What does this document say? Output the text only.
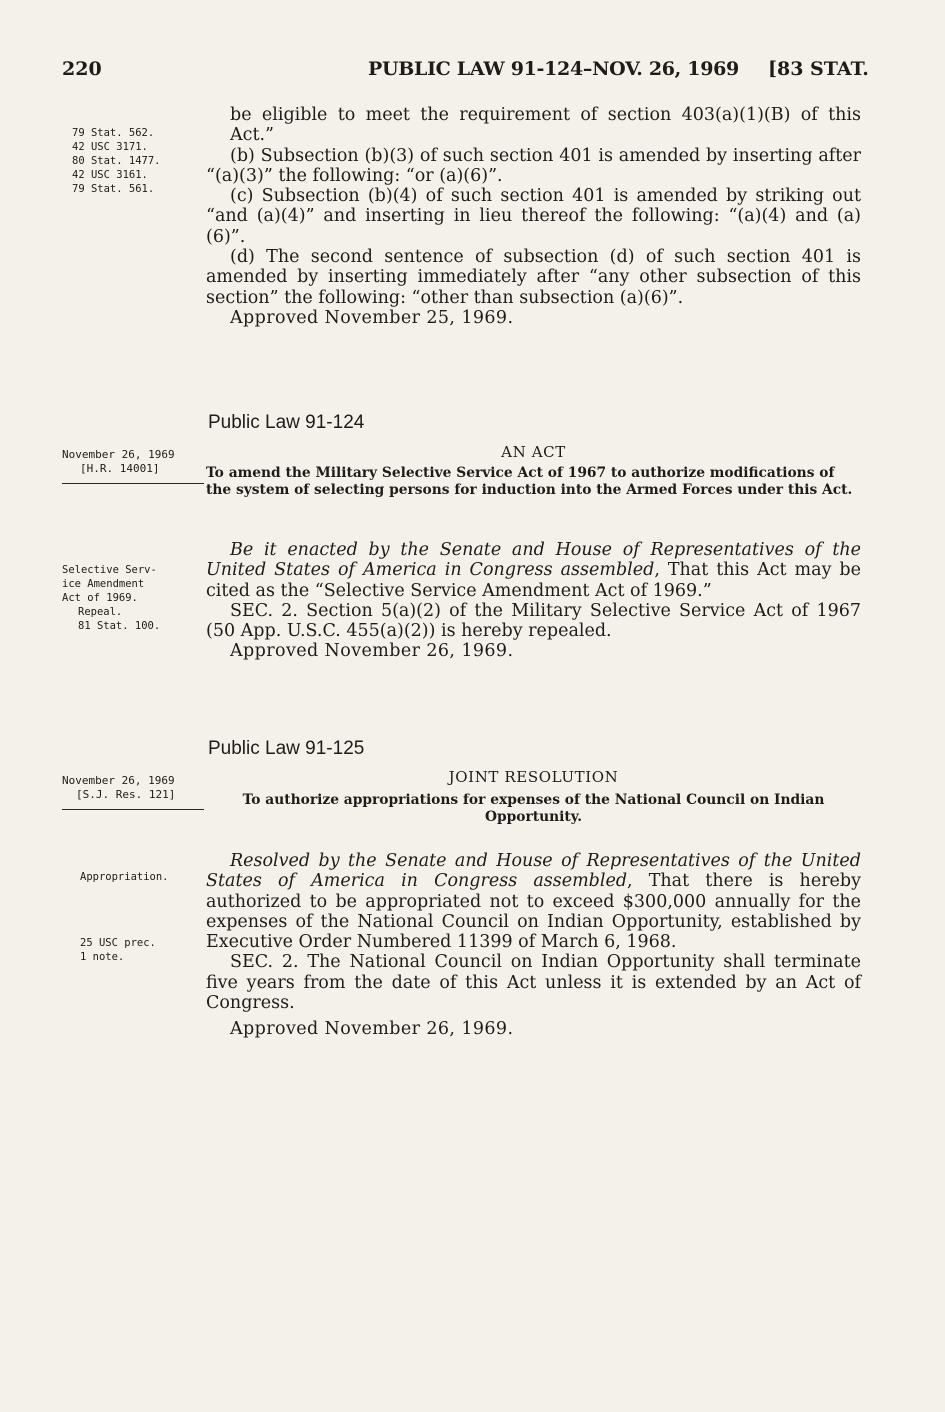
220	PUBLIC LAW 91-124–NOV. 26, 1969 [83 STAT.
79 Stat. 562.
42 USC 3171.
80 Stat. 1477.
42 USC 3161.
79 Stat. 561.

be eligible to meet the requirement of section 403(a)(1)(B) of this Act.”

(b) Subsection (b)(3) of such section 401 is amended by inserting after “(a)(3)” the following: “or (a)(6)”.

(c) Subsection (b)(4) of such section 401 is amended by striking out “and (a)(4)” and inserting in lieu thereof the following: “(a)(4) and (a)(6)”.

(d) The second sentence of subsection (d) of such section 401 is amended by inserting immediately after “any other subsection of this section” the following: “other than subsection (a)(6)”.

Approved November 25, 1969.

Public Law 91-124
November 26, 1969
[H.R. 14001]
AN ACT
To amend the Military Selective Service Act of 1967 to authorize modifications of the system of selecting persons for induction into the Armed Forces under this Act.
Selective Serv-
ice Amendment
Act of 1969.
Repeal.
81 Stat. 100.

Be it enacted by the Senate and House of Representatives of the United States of America in Congress assembled, That this Act may be cited as the “Selective Service Amendment Act of 1969.”

SEC. 2. Section 5(a)(2) of the Military Selective Service Act of 1967 (50 App. U.S.C. 455(a)(2)) is hereby repealed.

Approved November 26, 1969.

Public Law 91-125
November 26, 1969
[S.J. Res. 121]
JOINT RESOLUTION
To authorize appropriations for expenses of the National Council on Indian
Opportunity.
Appropriation.
25 USC prec.
1 note.

Resolved by the Senate and House of Representatives of the United States of America in Congress assembled, That there is hereby authorized to be appropriated not to exceed $300,000 annually for the expenses of the National Council on Indian Opportunity, established by Executive Order Numbered 11399 of March 6, 1968.

SEC. 2. The National Council on Indian Opportunity shall terminate five years from the date of this Act unless it is extended by an Act of Congress.

Approved November 26, 1969.
